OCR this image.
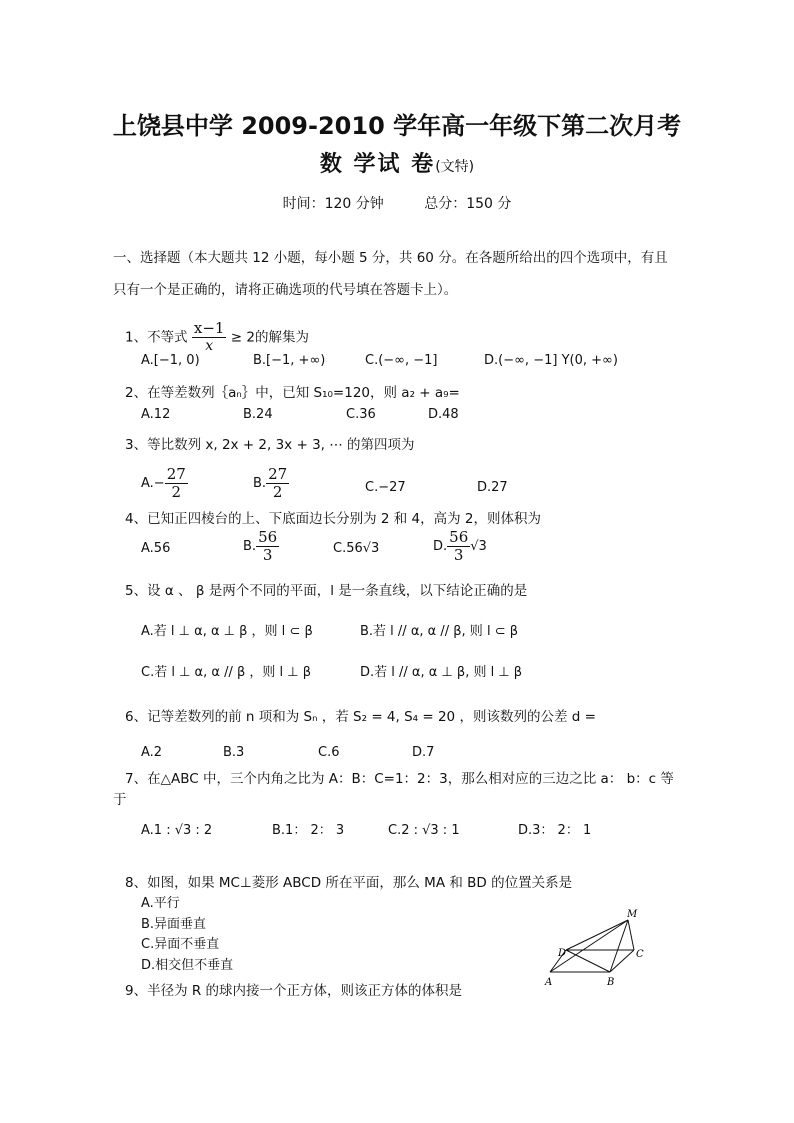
上饶县中学 2009-2010 学年高一年级下第二次月考
数 学试 卷(文特)
时间：120 分钟	总分：150 分
一、选择题（本大题共 12 小题，每小题 5 分，共 60 分。在各题所给出的四个选项中，有且
只有一个是正确的，请将正确选项的代号填在答题卡上）。
1、不等式 $\frac{x-1}{x} \ge 2$的解集为
A.[−1, 0)	B.[−1, +∞)	C.(−∞, −1]	D.(−∞, −1] Υ(0, +∞)
2、在等差数列｛aₙ｝中，已知 S₁₀=120，则 a₂ + a₉=
A.12	B.24	C.36	D.48
3、等比数列 x, 2x + 2, 3x + 3, ⋯ 的第四项为
$A.- \frac{27}{2}$	B. $\frac{27}{2}$	C.−27	D.27
4、已知正四棱台的上、下底面边长分别为 2 和 4，高为 2，则体积为
A.56	B. $\frac{56}{3}$	C.56√3	D. $\frac{56}{3} √3$
5、设 α 、 β 是两个不同的平面，l 是一条直线，以下结论正确的是
A.若 l ⊥ α, α ⊥ β ，则 l ⊂ β	B.若 l // α, α // β, 则 l ⊂ β
C.若 l ⊥ α, α // β ，则 l ⊥ β	D.若 l // α, α ⊥ β, 则 l ⊥ β
6、记等差数列的前 n 项和为 Sₙ ，若 S₂ = 4, S₄ = 20 ，则该数列的公差 d =
A.2	B.3	C.6	D.7
7、在△ABC 中，三个内角之比为 A：B：C=1：2：3，那么相对应的三边之比 a： b：c 等
于
A.1 : √3 : 2	B.1： 2： 3	C.2 : √3 : 1	D.3： 2： 1
8、如图，如果 MC⊥菱形 ABCD 所在平面，那么 MA 和 BD 的位置关系是
A.平行
B.异面垂直
C.异面不垂直
D.相交但不垂直
M
D	C
A	B
9、半径为 R 的球内接一个正方体，则该正方体的体积是
